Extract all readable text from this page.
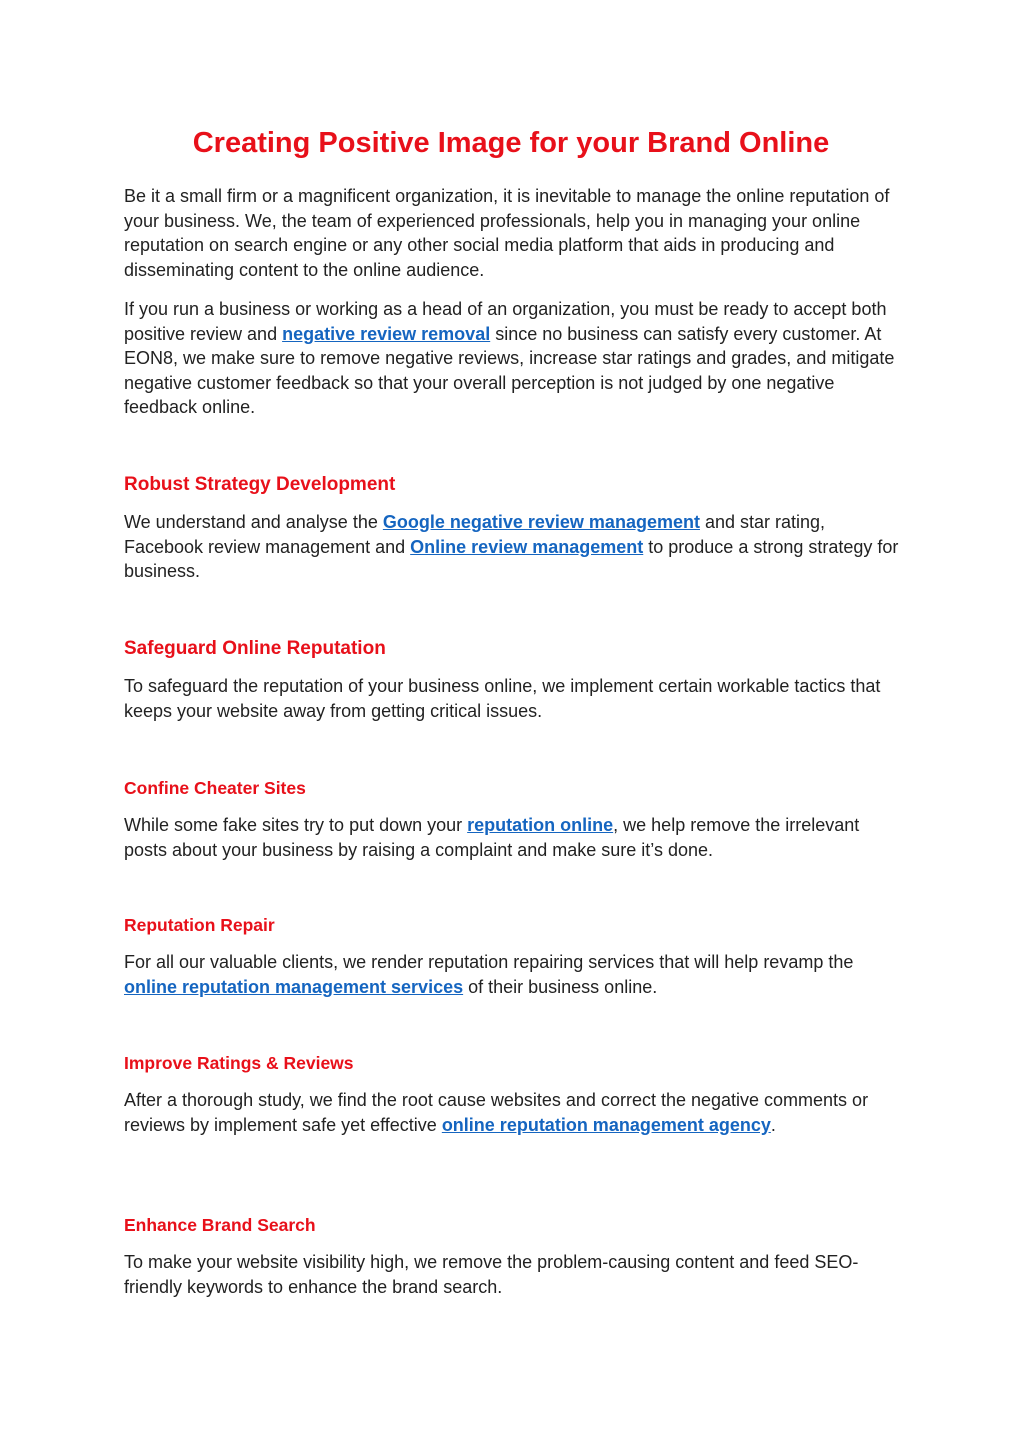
Creating Positive Image for your Brand Online

Be it a small firm or a magnificent organization, it is inevitable to manage the online reputation of your business. We, the team of experienced professionals, help you in managing your online reputation on search engine or any other social media platform that aids in producing and disseminating content to the online audience.

If you run a business or working as a head of an organization, you must be ready to accept both positive review and negative review removal since no business can satisfy every customer. At EON8, we make sure to remove negative reviews, increase star ratings and grades, and mitigate negative customer feedback so that your overall perception is not judged by one negative feedback online.

Robust Strategy Development

We understand and analyse the Google negative review management and star rating, Facebook review management and Online review management to produce a strong strategy for business.

Safeguard Online Reputation

To safeguard the reputation of your business online, we implement certain workable tactics that keeps your website away from getting critical issues.

Confine Cheater Sites

While some fake sites try to put down your reputation online, we help remove the irrelevant posts about your business by raising a complaint and make sure it’s done.

Reputation Repair

For all our valuable clients, we render reputation repairing services that will help revamp the online reputation management services of their business online.

Improve Ratings & Reviews

After a thorough study, we find the root cause websites and correct the negative comments or reviews by implement safe yet effective online reputation management agency.

Enhance Brand Search

To make your website visibility high, we remove the problem-causing content and feed SEO-friendly keywords to enhance the brand search.
